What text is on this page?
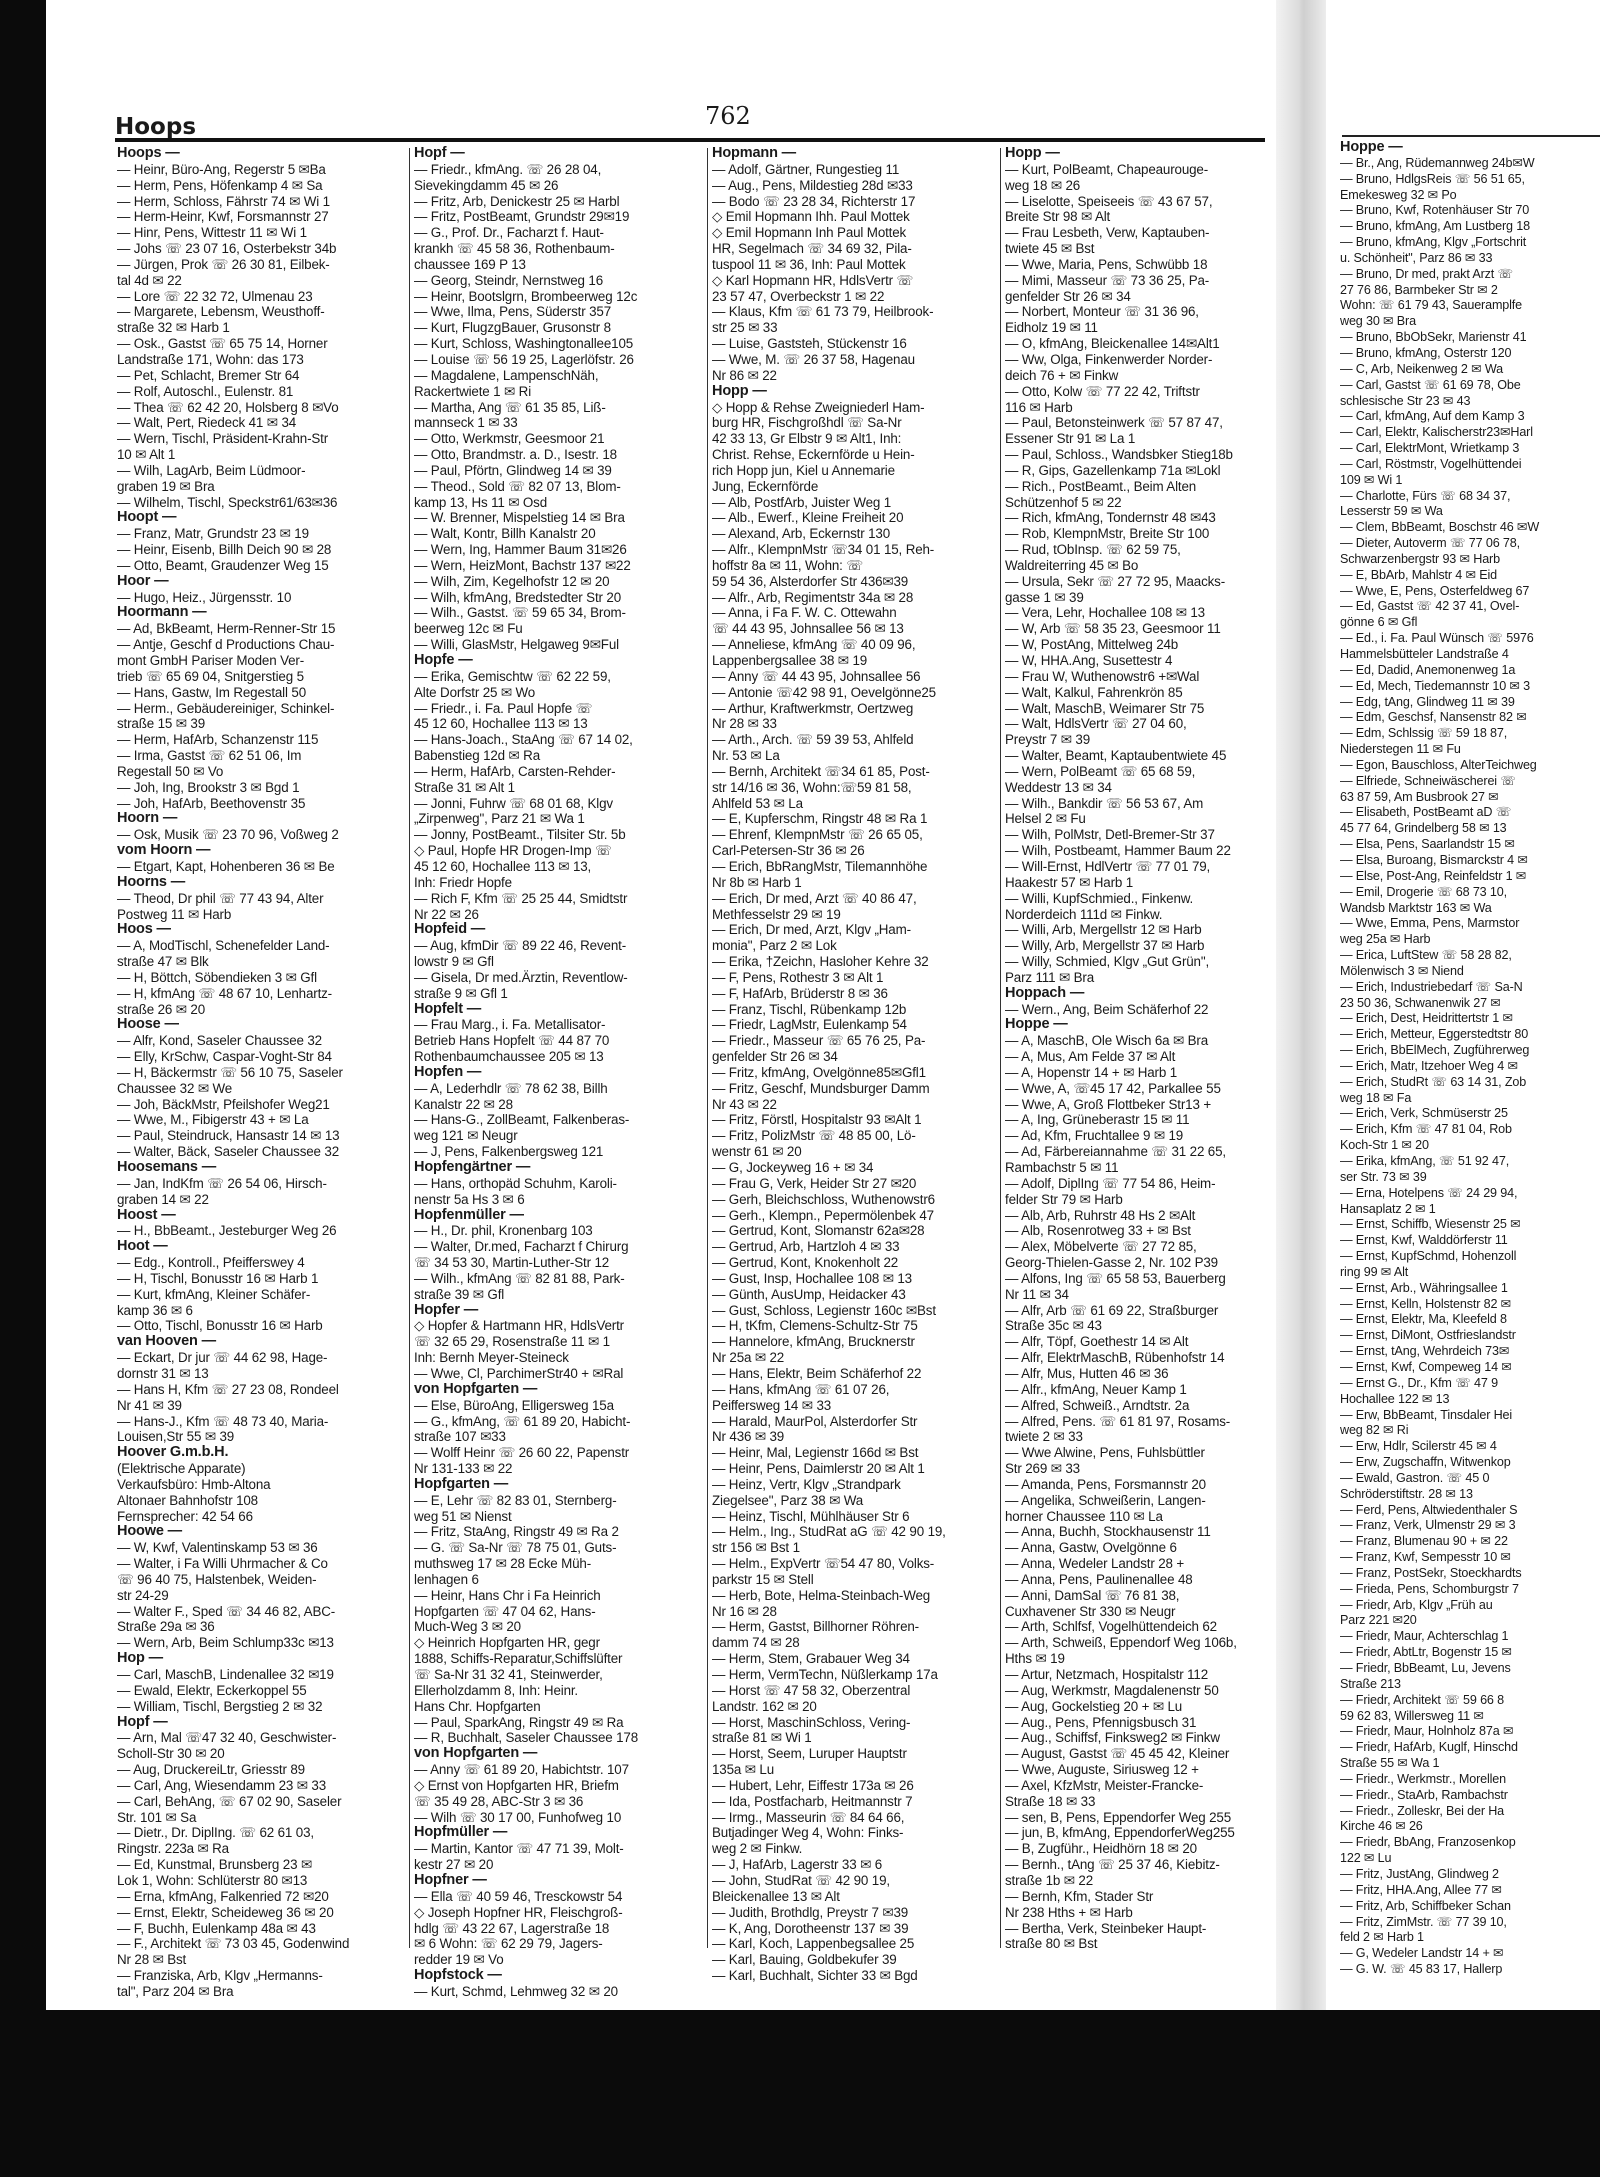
Hoppe —
— Br., Ang, Rüdemannweg 24b✉W
— Bruno, HdlgsReis ☏ 56 51 65,
Emekesweg 32 ✉ Po
— Bruno, Kwf, Rotenhäuser Str 70
— Bruno, kfmAng, Am Lustberg 18
— Bruno, kfmAng, Klgv „Fortschrit
u. Schönheit", Parz 86 ✉ 33
— Bruno, Dr med, prakt Arzt ☏
27 76 86, Barmbeker Str ✉ 2
Wohn: ☏ 61 79 43, Saueramplfe
weg 30 ✉ Bra
— Bruno, BbObSekr, Marienstr 41
— Bruno, kfmAng, Osterstr 120
— C, Arb, Neikenweg 2 ✉ Wa
— Carl, Gastst ☏ 61 69 78, Obe
schlesische Str 23 ✉ 43
— Carl, kfmAng, Auf dem Kamp 3
— Carl, Elektr, Kalischerstr23✉Harl
— Carl, ElektrMont, Wrietkamp 3
— Carl, Röstmstr, Vogelhüttendei
109 ✉ Wi 1
— Charlotte, Fürs ☏ 68 34 37,
Lesserstr 59 ✉ Wa
— Clem, BbBeamt, Boschstr 46 ✉W
— Dieter, Autoverm ☏ 77 06 78,
Schwarzenbergstr 93 ✉ Harb
— E, BbArb, Mahlstr 4 ✉ Eid
— Wwe, E, Pens, Osterfeldweg 67
— Ed, Gastst ☏ 42 37 41, Ovel-
gönne 6 ✉ Gfl
— Ed., i. Fa. Paul Wünsch ☏ 5976
Hammelsbütteler Landstraße 4
— Ed, Dadid, Anemonenweg 1a
— Ed, Mech, Tiedemannstr 10 ✉ 3
— Edg, tAng, Glindweg 11 ✉ 39
— Edm, Geschsf, Nansenstr 82 ✉
— Edm, Schlssig ☏ 59 18 87,
Niederstegen 11 ✉ Fu
— Egon, Bauschloss, AlterTeichweg
— Elfriede, Schneiwäscherei ☏
63 87 59, Am Busbrook 27 ✉
— Elisabeth, PostBeamt aD ☏
45 77 64, Grindelberg 58 ✉ 13
— Elsa, Pens, Saarlandstr 15 ✉
— Elsa, Buroang, Bismarckstr 4 ✉
— Else, Post-Ang, Reinfeldstr 1 ✉
— Emil, Drogerie ☏ 68 73 10,
Wandsb Marktstr 163 ✉ Wa
— Wwe, Emma, Pens, Marmstor
weg 25a ✉ Harb
— Erica, LuftStew ☏ 58 28 82,
Mölenwisch 3 ✉ Niend
— Erich, Industriebedarf ☏ Sa-N
23 50 36, Schwanenwik 27 ✉
— Erich, Dest, Heidrittertstr 1 ✉
— Erich, Metteur, Eggerstedtstr 80
— Erich, BbElMech, Zugführerweg
— Erich, Matr, Itzehoer Weg 4 ✉
— Erich, StudRt ☏ 63 14 31, Zob
weg 18 ✉ Fa
— Erich, Verk, Schmüserstr 25
— Erich, Kfm ☏ 47 81 04, Rob
Koch-Str 1 ✉ 20
— Erika, kfmAng, ☏ 51 92 47,
ser Str. 73 ✉ 39
— Erna, Hotelpens ☏ 24 29 94,
Hansaplatz 2 ✉ 1
— Ernst, Schiffb, Wiesenstr 25 ✉
— Ernst, Kwf, Walddörferstr 11
— Ernst, KupfSchmd, Hohenzoll
ring 99 ✉ Alt
— Ernst, Arb., Währingsallee 1
— Ernst, Kelln, Holstenstr 82 ✉
— Ernst, Elektr, Ma, Kleefeld 8
— Ernst, DiMont, Ostfrieslandstr
— Ernst, tAng, Wehrdeich 73✉
— Ernst, Kwf, Compeweg 14 ✉
— Ernst G., Dr., Kfm ☏ 47 9
Hochallee 122 ✉ 13
— Erw, BbBeamt, Tinsdaler Hei
weg 82 ✉ Ri
— Erw, Hdlr, Scilerstr 45 ✉ 4
— Erw, Zugschaffn, Witwenkop
— Ewald, Gastron. ☏ 45 0
Schröderstiftstr. 28 ✉ 13
— Ferd, Pens, Altwiedenthaler S
— Franz, Verk, Ulmenstr 29 ✉ 3
— Franz, Blumenau 90 + ✉ 22
— Franz, Kwf, Sempesstr 10 ✉
— Franz, PostSekr, Stoeckhardts
— Frieda, Pens, Schomburgstr 7
— Friedr, Arb, Klgv „Früh au
Parz 221 ✉20
— Friedr, Maur, Achterschlag 1
— Friedr, AbtLtr, Bogenstr 15 ✉
— Friedr, BbBeamt, Lu, Jevens
Straße 213
— Friedr, Architekt ☏ 59 66 8
59 62 83, Willersweg 11 ✉
— Friedr, Maur, Holnholz 87a ✉
— Friedr, HafArb, Kuglf, Hinschd
Straße 55 ✉ Wa 1
— Friedr., Werkmstr., Morellen
— Friedr., StaArb, Rambachstr
— Friedr., Zolleskr, Bei der Ha
Kirche 46 ✉ 26
— Friedr, BbAng, Franzosenkop
122 ✉ Lu
— Fritz, JustAng, Glindweg 2
— Fritz, HHA.Ang, Allee 77 ✉
— Fritz, Arb, Schiffbeker Schan
— Fritz, ZimMstr. ☏ 77 39 10,
feld 2 ✉ Harb 1
— G, Wedeler Landstr 14 + ✉
— G. W. ☏ 45 83 17, Hallerp
Hoops	762
Hoops —
— Heinr, Büro-Ang, Regerstr 5 ✉Ba
— Herm, Pens, Höfenkamp 4 ✉ Sa
— Herm, Schloss, Fährstr 74 ✉ Wi 1
— Herm-Heinr, Kwf, Forsmannstr 27
— Hinr, Pens, Wittestr 11 ✉ Wi 1
— Johs ☏ 23 07 16, Osterbekstr 34b
— Jürgen, Prok ☏ 26 30 81, Eilbek-
tal 4d ✉ 22
— Lore ☏ 22 32 72, Ulmenau 23
— Margarete, Lebensm, Weusthoff-
straße 32 ✉ Harb 1
— Osk., Gastst ☏ 65 75 14, Horner
Landstraße 171, Wohn: das 173
— Pet, Schlacht, Bremer Str 64
— Rolf, Autoschl., Eulenstr. 81
— Thea ☏ 62 42 20, Holsberg 8 ✉Vo
— Walt, Pert, Riedeck 41 ✉ 34
— Wern, Tischl, Präsident-Krahn-Str
10 ✉ Alt 1
— Wilh, LagArb, Beim Lüdmoor-
graben 19 ✉ Bra
— Wilhelm, Tischl, Speckstr61/63✉36
Hoopt —
— Franz, Matr, Grundstr 23 ✉ 19
— Heinr, Eisenb, Billh Deich 90 ✉ 28
— Otto, Beamt, Graudenzer Weg 15
Hoor —
— Hugo, Heiz., Jürgensstr. 10
Hoormann —
— Ad, BkBeamt, Herm-Renner-Str 15
— Antje, Geschf d Productions Chau-
mont GmbH Pariser Moden Ver-
trieb ☏ 65 69 04, Snitgerstieg 5
— Hans, Gastw, Im Regestall 50
— Herm., Gebäudereiniger, Schinkel-
straße 15 ✉ 39
— Herm, HafArb, Schanzenstr 115
— Irma, Gastst ☏ 62 51 06, Im
Regestall 50 ✉ Vo
— Joh, Ing, Brookstr 3 ✉ Bgd 1
— Joh, HafArb, Beethovenstr 35
Hoorn —
— Osk, Musik ☏ 23 70 96, Voßweg 2
vom Hoorn —
— Etgart, Kapt, Hohenberen 36 ✉ Be
Hoorns —
— Theod, Dr phil ☏ 77 43 94, Alter
Postweg 11 ✉ Harb
Hoos —
— A, ModTischl, Schenefelder Land-
straße 47 ✉ Blk
— H, Böttch, Söbendieken 3 ✉ Gfl
— H, kfmAng ☏ 48 67 10, Lenhartz-
straße 26 ✉ 20
Hoose —
— Alfr, Kond, Saseler Chaussee 32
— Elly, KrSchw, Caspar-Voght-Str 84
— H, Bäckermstr ☏ 56 10 75, Saseler
Chaussee 32 ✉ We
— Joh, BäckMstr, Pfeilshofer Weg21
— Wwe, M., Fibigerstr 43 + ✉ La
— Paul, Steindruck, Hansastr 14 ✉ 13
— Walter, Bäck, Saseler Chaussee 32
Hoosemans —
— Jan, IndKfm ☏ 26 54 06, Hirsch-
graben 14 ✉ 22
Hoost —
— H., BbBeamt., Jesteburger Weg 26
Hoot —
— Edg., Kontroll., Pfeifferswey 4
— H, Tischl, Bonusstr 16 ✉ Harb 1
— Kurt, kfmAng, Kleiner Schäfer-
kamp 36 ✉ 6
— Otto, Tischl, Bonusstr 16 ✉ Harb
van Hooven —
— Eckart, Dr jur ☏ 44 62 98, Hage-
dornstr 31 ✉ 13
— Hans H, Kfm ☏ 27 23 08, Rondeel
Nr 41 ✉ 39
— Hans-J., Kfm ☏ 48 73 40, Maria-
Louisen,Str 55 ✉ 39
Hoover G.m.b.H.
(Elektrische Apparate)
Verkaufsbüro: Hmb-Altona
Altonaer Bahnhofstr 108
Fernsprecher: 42 54 66
Hoowe —
— W, Kwf, Valentinskamp 53 ✉ 36
— Walter, i Fa Willi Uhrmacher & Co
☏ 96 40 75, Halstenbek, Weiden-
str 24-29
— Walter F., Sped ☏ 34 46 82, ABC-
Straße 29a ✉ 36
— Wern, Arb, Beim Schlump33c ✉13
Hop —
— Carl, MaschB, Lindenallee 32 ✉19
— Ewald, Elektr, Eckerkoppel 55
— William, Tischl, Bergstieg 2 ✉ 32
Hopf —
— Arn, Mal ☏47 32 40, Geschwister-
Scholl-Str 30 ✉ 20
— Aug, DruckereiLtr, Griesstr 89
— Carl, Ang, Wiesendamm 23 ✉ 33
— Carl, BehAng, ☏ 67 02 90, Saseler
Str. 101 ✉ Sa
— Dietr., Dr. DiplIng. ☏ 62 61 03,
Ringstr. 223a ✉ Ra
— Ed, Kunstmal, Brunsberg 23 ✉
Lok 1, Wohn: Schlüterstr 80 ✉13
— Erna, kfmAng, Falkenried 72 ✉20
— Ernst, Elektr, Scheideweg 36 ✉ 20
— F, Buchh, Eulenkamp 48a ✉ 43
— F., Architekt ☏ 73 03 45, Godenwind
Nr 28 ✉ Bst
— Franziska, Arb, Klgv „Hermanns-
tal", Parz 204 ✉ Bra
Hopf —
— Friedr., kfmAng. ☏ 26 28 04,
Sievekingdamm 45 ✉ 26
— Fritz, Arb, Denickestr 25 ✉ Harbl
— Fritz, PostBeamt, Grundstr 29✉19
— G., Prof. Dr., Facharzt f. Haut-
krankh ☏ 45 58 36, Rothenbaum-
chaussee 169 P 13
— Georg, Steindr, Nernstweg 16
— Heinr, Bootslgrn, Brombeerweg 12c
— Wwe, Ilma, Pens, Süderstr 357
— Kurt, FlugzgBauer, Grusonstr 8
— Kurt, Schloss, Washingtonallee105
— Louise ☏ 56 19 25, Lagerlöfstr. 26
— Magdalene, LampenschNäh,
Rackertwiete 1 ✉ Ri
— Martha, Ang ☏ 61 35 85, Liß-
mannseck 1 ✉ 33
— Otto, Werkmstr, Geesmoor 21
— Otto, Brandmstr. a. D., Isestr. 18
— Paul, Pförtn, Glindweg 14 ✉ 39
— Theod., Sold ☏ 82 07 13, Blom-
kamp 13, Hs 11 ✉ Osd
— W. Brenner, Mispelstieg 14 ✉ Bra
— Walt, Kontr, Billh Kanalstr 20
— Wern, Ing, Hammer Baum 31✉26
— Wern, HeizMont, Bachstr 137 ✉22
— Wilh, Zim, Kegelhofstr 12 ✉ 20
— Wilh, kfmAng, Bredstedter Str 20
— Wilh., Gastst. ☏ 59 65 34, Brom-
beerweg 12c ✉ Fu
— Willi, GlasMstr, Helgaweg 9✉Ful
Hopfe —
— Erika, Gemischtw ☏ 62 22 59,
Alte Dorfstr 25 ✉ Wo
— Friedr., i. Fa. Paul Hopfe ☏
45 12 60, Hochallee 113 ✉ 13
— Hans-Joach., StaAng ☏ 67 14 02,
Babenstieg 12d ✉ Ra
— Herm, HafArb, Carsten-Rehder-
Straße 31 ✉ Alt 1
— Jonni, Fuhrw ☏ 68 01 68, Klgv
„Zirpenweg", Parz 21 ✉ Wa 1
— Jonny, PostBeamt., Tilsiter Str. 5b
◇ Paul, Hopfe HR Drogen-Imp ☏
45 12 60, Hochallee 113 ✉ 13,
Inh: Friedr Hopfe
— Rich F, Kfm ☏ 25 25 44, Smidtstr
Nr 22 ✉ 26
Hopfeid —
— Aug, kfmDir ☏ 89 22 46, Revent-
lowstr 9 ✉ Gfl
— Gisela, Dr med.Ärztin, Reventlow-
straße 9 ✉ Gfl 1
Hopfelt —
— Frau Marg., i. Fa. Metallisator-
Betrieb Hans Hopfelt ☏ 44 87 70
Rothenbaumchaussee 205 ✉ 13
Hopfen —
— A, Lederhdlr ☏ 78 62 38, Billh
Kanalstr 22 ✉ 28
— Hans-G., ZollBeamt, Falkenberas-
weg 121 ✉ Neugr
— J, Pens, Falkenbergsweg 121
Hopfengärtner —
— Hans, orthopäd Schuhm, Karoli-
nenstr 5a Hs 3 ✉ 6
Hopfenmüller —
— H., Dr. phil, Kronenbarg 103
— Walter, Dr.med, Facharzt f Chirurg
☏ 34 53 30, Martin-Luther-Str 12
— Wilh., kfmAng ☏ 82 81 88, Park-
straße 39 ✉ Gfl
Hopfer —
◇ Hopfer & Hartmann HR, HdlsVertr
☏ 32 65 29, Rosenstraße 11 ✉ 1
Inh: Bernh Meyer-Steineck
— Wwe, Cl, ParchimerStr40 + ✉Ral
von Hopfgarten —
— Else, BüroAng, Elligersweg 15a
— G., kfmAng, ☏ 61 89 20, Habicht-
straße 107 ✉33
— Wolff Heinr ☏ 26 60 22, Papenstr
Nr 131-133 ✉ 22
Hopfgarten —
— E, Lehr ☏ 82 83 01, Sternberg-
weg 51 ✉ Nienst
— Fritz, StaAng, Ringstr 49 ✉ Ra 2
— G. ☏ Sa-Nr ☏ 78 75 01, Guts-
muthsweg 17 ✉ 28 Ecke Müh-
lenhagen 6
— Heinr, Hans Chr i Fa Heinrich
Hopfgarten ☏ 47 04 62, Hans-
Much-Weg 3 ✉ 20
◇ Heinrich Hopfgarten HR, gegr
1888, Schiffs-Reparatur,Schiffslüfter
☏ Sa-Nr 31 32 41, Steinwerder,
Ellerholzdamm 8, Inh: Heinr.
Hans Chr. Hopfgarten
— Paul, SparkAng, Ringstr 49 ✉ Ra
— R, Buchhalt, Saseler Chaussee 178
von Hopfgarten —
— Anny ☏ 61 89 20, Habichtstr. 107
◇ Ernst von Hopfgarten HR, Briefm
☏ 35 49 28, ABC-Str 3 ✉ 36
— Wilh ☏ 30 17 00, Funhofweg 10
Hopfmüller —
— Martin, Kantor ☏ 47 71 39, Molt-
kestr 27 ✉ 20
Hopfner —
— Ella ☏ 40 59 46, Tresckowstr 54
◇ Joseph Hopfner HR, Fleischgroß-
hdlg ☏ 43 22 67, Lagerstraße 18
✉ 6 Wohn: ☏ 62 29 79, Jagers-
redder 19 ✉ Vo
Hopfstock —
— Kurt, Schmd, Lehmweg 32 ✉ 20
Hopmann —
— Adolf, Gärtner, Rungestieg 11
— Aug., Pens, Mildestieg 28d ✉33
— Bodo ☏ 23 28 34, Richterstr 17
◇ Emil Hopmann Ihh. Paul Mottek
◇ Emil Hopmann Inh Paul Mottek
HR, Segelmach ☏ 34 69 32, Pila-
tuspool 11 ✉ 36, Inh: Paul Mottek
◇ Karl Hopmann HR, HdlsVertr ☏
23 57 47, Overbeckstr 1 ✉ 22
— Klaus, Kfm ☏ 61 73 79, Heilbrook-
str 25 ✉ 33
— Luise, Gaststeh, Stückenstr 16
— Wwe, M. ☏ 26 37 58, Hagenau
Nr 86 ✉ 22
Hopp —
◇ Hopp & Rehse Zweigniederl Ham-
burg HR, Fischgroßhdl ☏ Sa-Nr
42 33 13, Gr Elbstr 9 ✉ Alt1, Inh:
Christ. Rehse, Eckernförde u Hein-
rich Hopp jun, Kiel u Annemarie
Jung, Eckernförde
— Alb, PostfArb, Juister Weg 1
— Alb., Ewerf., Kleine Freiheit 20
— Alexand, Arb, Eckernstr 130
— Alfr., KlempnMstr ☏34 01 15, Reh-
hoffstr 8a ✉ 11, Wohn: ☏
59 54 36, Alsterdorfer Str 436✉39
— Alfr., Arb, Regimentstr 34a ✉ 28
— Anna, i Fa F. W. C. Ottewahn
☏ 44 43 95, Johnsallee 56 ✉ 13
— Anneliese, kfmAng ☏ 40 09 96,
Lappenbergsallee 38 ✉ 19
— Anny ☏ 44 43 95, Johnsallee 56
— Antonie ☏42 98 91, Oevelgönne25
— Arthur, Kraftwerkmstr, Oertzweg
Nr 28 ✉ 33
— Arth., Arch. ☏ 59 39 53, Ahlfeld
Nr. 53 ✉ La
— Bernh, Architekt ☏34 61 85, Post-
str 14/16 ✉ 36, Wohn:☏59 81 58,
Ahlfeld 53 ✉ La
— E, Kupferschm, Ringstr 48 ✉ Ra 1
— Ehrenf, KlempnMstr ☏ 26 65 05,
Carl-Petersen-Str 36 ✉ 26
— Erich, BbRangMstr, Tilemannhöhe
Nr 8b ✉ Harb 1
— Erich, Dr med, Arzt ☏ 40 86 47,
Methfesselstr 29 ✉ 19
— Erich, Dr med, Arzt, Klgv „Ham-
monia", Parz 2 ✉ Lok
— Erika, †Zeichn, Hasloher Kehre 32
— F, Pens, Rothestr 3 ✉ Alt 1
— F, HafArb, Brüderstr 8 ✉ 36
— Franz, Tischl, Rübenkamp 12b
— Friedr, LagMstr, Eulenkamp 54
— Friedr., Masseur ☏ 65 76 25, Pa-
genfelder Str 26 ✉ 34
— Fritz, kfmAng, Ovelgönne85✉Gfl1
— Fritz, Geschf, Mundsburger Damm
Nr 43 ✉ 22
— Fritz, Förstl, Hospitalstr 93 ✉Alt 1
— Fritz, PolizMstr ☏ 48 85 00, Lö-
wenstr 61 ✉ 20
— G, Jockeyweg 16 + ✉ 34
— Frau G, Verk, Heider Str 27 ✉20
— Gerh, Bleichschloss, Wuthenowstr6
— Gerh., Klempn., Pepermölenbek 47
— Gertrud, Kont, Slomanstr 62a✉28
— Gertrud, Arb, Hartzloh 4 ✉ 33
— Gertrud, Kont, Knokenholt 22
— Gust, Insp, Hochallee 108 ✉ 13
— Günth, AusUmp, Heidacker 43
— Gust, Schloss, Legienstr 160c ✉Bst
— H, tKfm, Clemens-Schultz-Str 75
— Hannelore, kfmAng, Brucknerstr
Nr 25a ✉ 22
— Hans, Elektr, Beim Schäferhof 22
— Hans, kfmAng ☏ 61 07 26,
Peiffersweg 14 ✉ 33
— Harald, MaurPol, Alsterdorfer Str
Nr 436 ✉ 39
— Heinr, Mal, Legienstr 166d ✉ Bst
— Heinr, Pens, Daimlerstr 20 ✉ Alt 1
— Heinz, Vertr, Klgv „Strandpark
Ziegelsee", Parz 38 ✉ Wa
— Heinz, Tischl, Mühlhäuser Str 6
— Helm., Ing., StudRat aG ☏ 42 90 19,
str 156 ✉ Bst 1
— Helm., ExpVertr ☏54 47 80, Volks-
parkstr 15 ✉ Stell
— Herb, Bote, Helma-Steinbach-Weg
Nr 16 ✉ 28
— Herm, Gastst, Billhorner Röhren-
damm 74 ✉ 28
— Herm, Stem, Grabauer Weg 34
— Herm, VermTechn, Nüßlerkamp 17a
— Horst ☏ 47 58 32, Oberzentral
Landstr. 162 ✉ 20
— Horst, MaschinSchloss, Vering-
straße 81 ✉ Wi 1
— Horst, Seem, Luruper Hauptstr
135a ✉ Lu
— Hubert, Lehr, Eiffestr 173a ✉ 26
— Ida, Postfacharb, Heitmannstr 7
— Irmg., Masseurin ☏ 84 64 66,
Butjadinger Weg 4, Wohn: Finks-
weg 2 ✉ Finkw.
— J, HafArb, Lagerstr 33 ✉ 6
— John, StudRat ☏ 42 90 19,
Bleickenallee 13 ✉ Alt
— Judith, Brothdlg, Preystr 7 ✉39
— K, Ang, Dorotheenstr 137 ✉ 39
— Karl, Koch, Lappenbegsallee 25
— Karl, Bauing, Goldbekufer 39
— Karl, Buchhalt, Sichter 33 ✉ Bgd
Hopp —
— Kurt, PolBeamt, Chapeaurouge-
weg 18 ✉ 26
— Liselotte, Speiseeis ☏ 43 67 57,
Breite Str 98 ✉ Alt
— Frau Lesbeth, Verw, Kaptauben-
twiete 45 ✉ Bst
— Wwe, Maria, Pens, Schwübb 18
— Mimi, Masseur ☏ 73 36 25, Pa-
genfelder Str 26 ✉ 34
— Norbert, Monteur ☏ 31 36 96,
Eidholz 19 ✉ 11
— O, kfmAng, Bleickenallee 14✉Alt1
— Ww, Olga, Finkenwerder Norder-
deich 76 + ✉ Finkw
— Otto, Kolw ☏ 77 22 42, Triftstr
116 ✉ Harb
— Paul, Betonsteinwerk ☏ 57 87 47,
Essener Str 91 ✉ La 1
— Paul, Schloss., Wandsbker Stieg18b
— R, Gips, Gazellenkamp 71a ✉Lokl
— Rich., PostBeamt., Beim Alten
Schützenhof 5 ✉ 22
— Rich, kfmAng, Tondernstr 48 ✉43
— Rob, KlempnMstr, Breite Str 100
— Rud, tObInsp. ☏ 62 59 75,
Waldreiterring 45 ✉ Bo
— Ursula, Sekr ☏ 27 72 95, Maacks-
gasse 1 ✉ 39
— Vera, Lehr, Hochallee 108 ✉ 13
— W, Arb ☏ 58 35 23, Geesmoor 11
— W, PostAng, Mittelweg 24b
— W, HHA.Ang, Susettestr 4
— Frau W, Wuthenowstr6 +✉Wal
— Walt, Kalkul, Fahrenkrön 85
— Walt, MaschB, Weimarer Str 75
— Walt, HdlsVertr ☏ 27 04 60,
Preystr 7 ✉ 39
— Walter, Beamt, Kaptaubentwiete 45
— Wern, PolBeamt ☏ 65 68 59,
Weddestr 13 ✉ 34
— Wilh., Bankdir ☏ 56 53 67, Am
Helsel 2 ✉ Fu
— Wilh, PolMstr, Detl-Bremer-Str 37
— Wilh, Postbeamt, Hammer Baum 22
— Will-Ernst, HdlVertr ☏ 77 01 79,
Haakestr 57 ✉ Harb 1
— Willi, KupfSchmied., Finkenw.
Norderdeich 111d ✉ Finkw.
— Willi, Arb, Mergellstr 12 ✉ Harb
— Willy, Arb, Mergellstr 37 ✉ Harb
— Willy, Schmied, Klgv „Gut Grün",
Parz 111 ✉ Bra
Hoppach —
— Wern., Ang, Beim Schäferhof 22
Hoppe —
— A, MaschB, Ole Wisch 6a ✉ Bra
— A, Mus, Am Felde 37 ✉ Alt
— A, Hopenstr 14 + ✉ Harb 1
— Wwe, A, ☏45 17 42, Parkallee 55
— Wwe, A, Groß Flottbeker Str13 +
— A, Ing, Grüneberastr 15 ✉ 11
— Ad, Kfm, Fruchtallee 9 ✉ 19
— Ad, Färbereiannahme ☏ 31 22 65,
Rambachstr 5 ✉ 11
— Adolf, DiplIng ☏ 77 54 86, Heim-
felder Str 79 ✉ Harb
— Alb, Arb, Ruhrstr 48 Hs 2 ✉Alt
— Alb, Rosenrotweg 33 + ✉ Bst
— Alex, Möbelverte ☏ 27 72 85,
Georg-Thielen-Gasse 2, Nr. 102 P39
— Alfons, Ing ☏ 65 58 53, Bauerberg
Nr 11 ✉ 34
— Alfr, Arb ☏ 61 69 22, Straßburger
Straße 35c ✉ 43
— Alfr, Töpf, Goethestr 14 ✉ Alt
— Alfr, ElektrMaschB, Rübenhofstr 14
— Alfr, Mus, Hutten 46 ✉ 36
— Alfr., kfmAng, Neuer Kamp 1
— Alfred, Schweiß., Arndtstr. 2a
— Alfred, Pens. ☏ 61 81 97, Rosams-
twiete 2 ✉ 33
— Wwe Alwine, Pens, Fuhlsbüttler
Str 269 ✉ 33
— Amanda, Pens, Forsmannstr 20
— Angelika, Schweißerin, Langen-
horner Chaussee 110 ✉ La
— Anna, Buchh, Stockhausenstr 11
— Anna, Gastw, Ovelgönne 6
— Anna, Wedeler Landstr 28 +
— Anna, Pens, Paulinenallee 48
— Anni, DamSal ☏ 76 81 38,
Cuxhavener Str 330 ✉ Neugr
— Arth, Schlfsf, Vogelhüttendeich 62
— Arth, Schweiß, Eppendorf Weg 106b,
Hths ✉ 19
— Artur, Netzmach, Hospitalstr 112
— Aug, Werkmstr, Magdalenenstr 50
— Aug, Gockelstieg 20 + ✉ Lu
— Aug., Pens, Pfennigsbusch 31
— Aug., Schiffsf, Finksweg2 ✉ Finkw
— August, Gastst ☏ 45 45 42, Kleiner
— Wwe, Auguste, Siriusweg 12 +
— Axel, KfzMstr, Meister-Francke-
Straße 18 ✉ 33
— sen, B, Pens, Eppendorfer Weg 255
— jun, B, kfmAng, EppendorferWeg255
— B, Zugführ., Heidhörn 18 ✉ 20
— Bernh., tAng ☏ 25 37 46, Kiebitz-
straße 1b ✉ 22
— Bernh, Kfm, Stader Str
Nr 238 Hths + ✉ Harb
— Bertha, Verk, Steinbeker Haupt-
straße 80 ✉ Bst
